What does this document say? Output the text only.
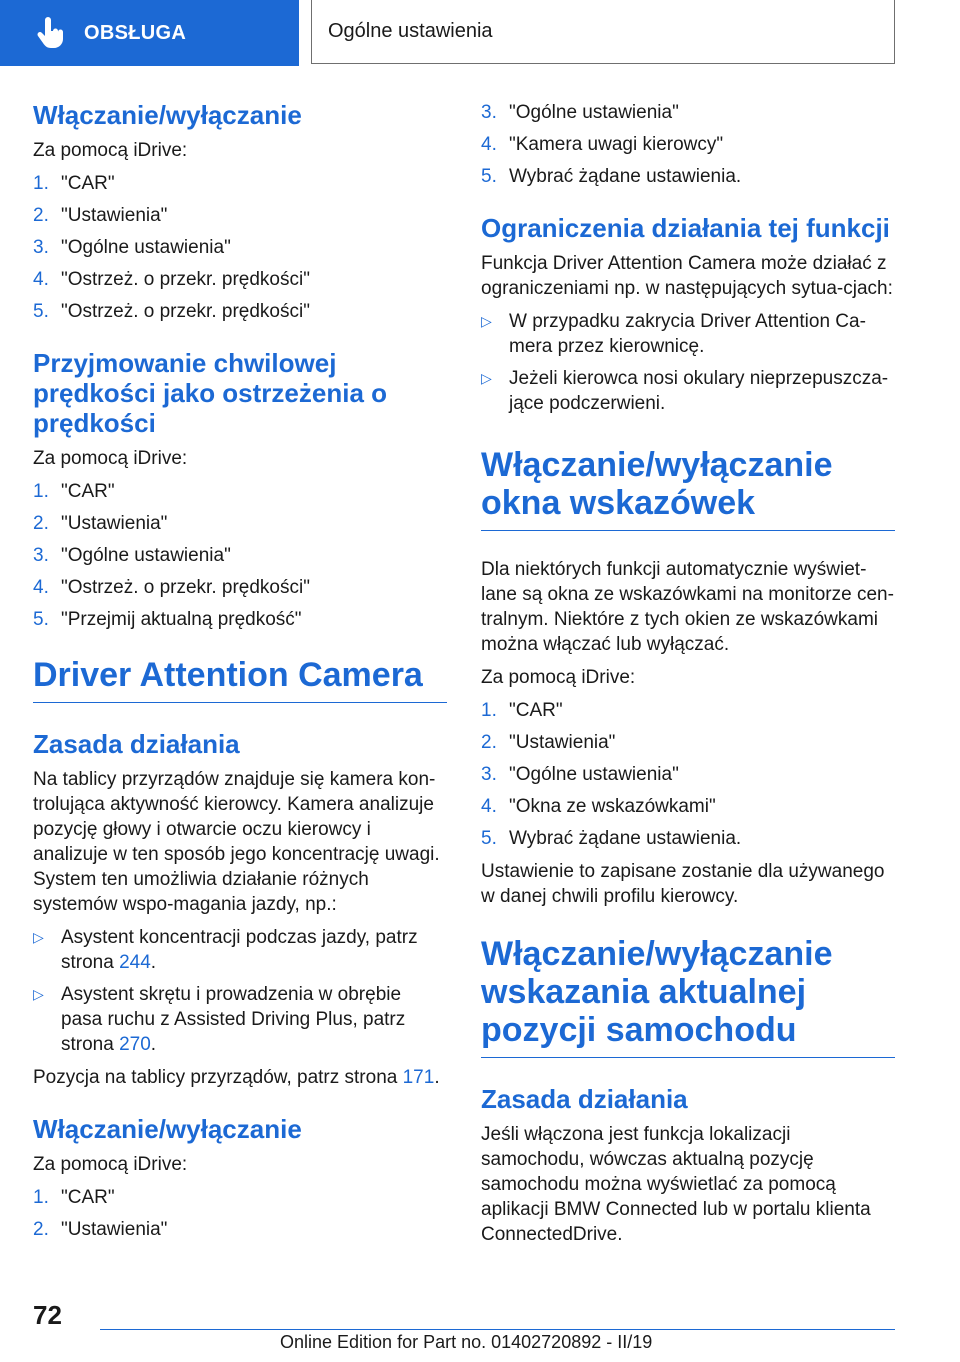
OBSŁUGA	Ogólne ustawienia
Włączanie/wyłączanie

Za pomocą iDrive:

1. "CAR"
2. "Ustawienia"
3. "Ogólne ustawienia"
4. "Ostrzeż. o przekr. prędkości"
5. "Ostrzeż. o przekr. prędkości"
Przyjmowanie chwilowej prędkości jako ostrzeżenia o prędkości

Za pomocą iDrive:

1. "CAR"
2. "Ustawienia"
3. "Ogólne ustawienia"
4. "Ostrzeż. o przekr. prędkości"
5. "Przejmij aktualną prędkość"
Driver Attention Camera
Zasada działania

Na tablicy przyrządów znajduje się kamera kon-trolująca aktywność kierowcy. Kamera analizuje pozycję głowy i otwarcie oczu kierowcy i analizuje w ten sposób jego koncentrację uwagi. System ten umożliwia działanie różnych systemów wspo-magania jazdy, np.:

▷ Asystent koncentracji podczas jazdy, patrz strona 244.
▷ Asystent skrętu i prowadzenia w obrębie pasa ruchu z Assisted Driving Plus, patrz strona 270.

Pozycja na tablicy przyrządów, patrz strona 171.

Włączanie/wyłączanie

Za pomocą iDrive:

1. "CAR"
2. "Ustawienia"
3. "Ogólne ustawienia"
4. "Kamera uwagi kierowcy"
5. Wybrać żądane ustawienia.
Ograniczenia działania tej funkcji

Funkcja Driver Attention Camera może działać z ograniczeniami np. w następujących sytua-cjach:

▷ W przypadku zakrycia Driver Attention Ca-mera przez kierownicę.
▷ Jeżeli kierowca nosi okulary nieprzepuszcza-jące podczerwieni.
Włączanie/wyłączanie okna wskazówek

Dla niektórych funkcji automatycznie wyświet-lane są okna ze wskazówkami na monitorze cen-tralnym. Niektóre z tych okien ze wskazówkami można włączać lub wyłączać.

Za pomocą iDrive:

1. "CAR"
2. "Ustawienia"
3. "Ogólne ustawienia"
4. "Okna ze wskazówkami"
5. Wybrać żądane ustawienia.

Ustawienie to zapisane zostanie dla używanego w danej chwili profilu kierowcy.

Włączanie/wyłączanie wskazania aktualnej pozycji samochodu
Zasada działania

Jeśli włączona jest funkcja lokalizacji samochodu, wówczas aktualną pozycję samochodu można wyświetlać za pomocą aplikacji BMW Connected lub w portalu klienta ConnectedDrive.

72
Online Edition for Part no. 01402720892 - II/19
